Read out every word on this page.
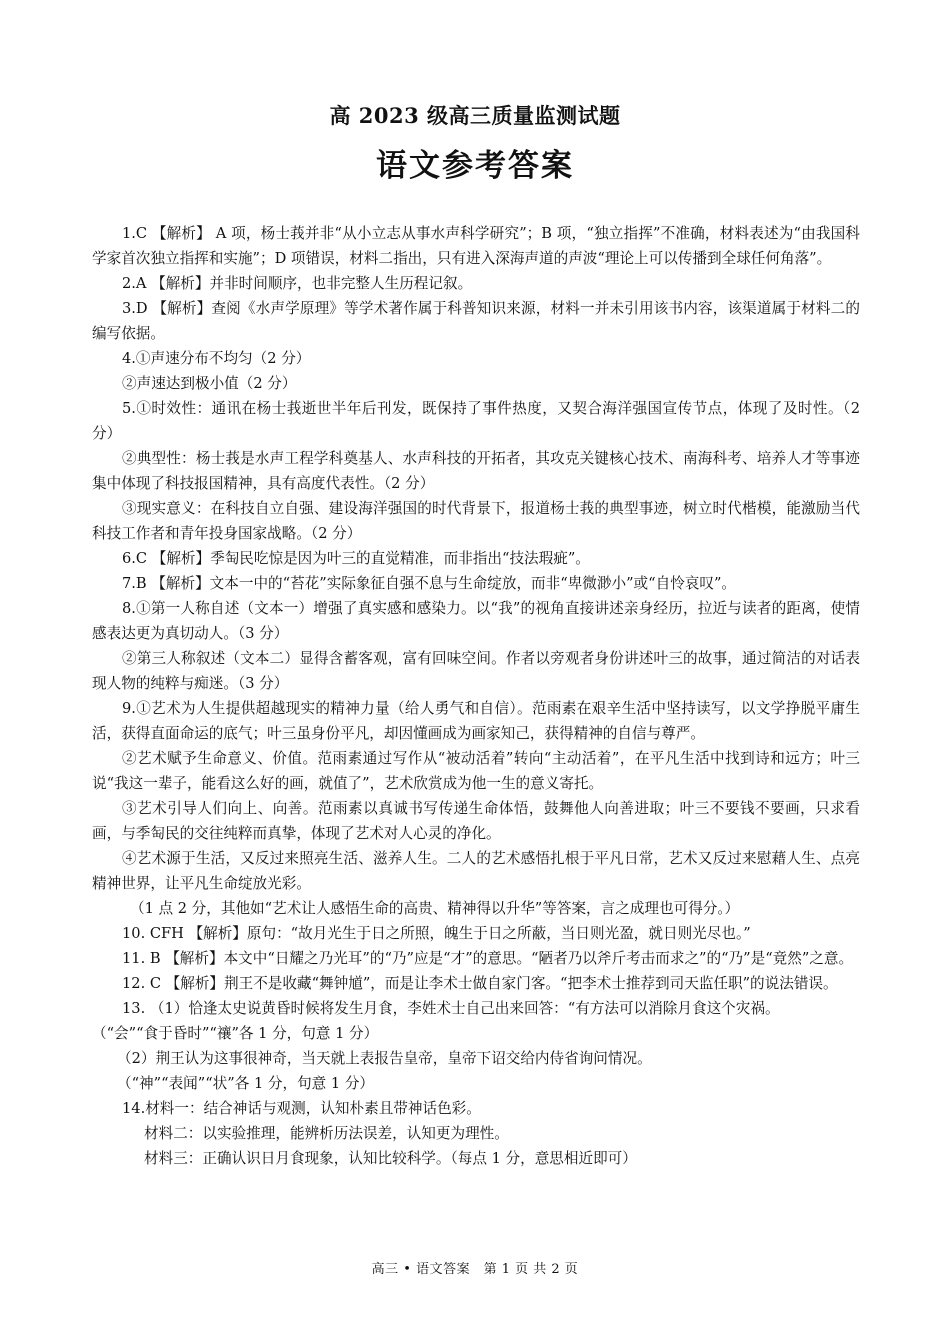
高 2023 级高三质量监测试题
语文参考答案

1.C 【解析】 A 项，杨士莪并非“从小立志从事水声科学研究”；B 项，“独立指挥”不准确，材料表述为“由我国科学家首次独立指挥和实施”；D 项错误，材料二指出，只有进入深海声道的声波“理论上可以传播到全球任何角落”。

2.A 【解析】并非时间顺序，也非完整人生历程记叙。

3.D 【解析】查阅《水声学原理》等学术著作属于科普知识来源，材料一并未引用该书内容，该渠道属于材料二的编写依据。

4.①声速分布不均匀（2 分）

②声速达到极小值（2 分）

5.①时效性：通讯在杨士莪逝世半年后刊发，既保持了事件热度，又契合海洋强国宣传节点，体现了及时性。（2 分）

②典型性：杨士莪是水声工程学科奠基人、水声科技的开拓者，其攻克关键核心技术、南海科考、培养人才等事迹集中体现了科技报国精神，具有高度代表性。（2 分）

③现实意义：在科技自立自强、建设海洋强国的时代背景下，报道杨士莪的典型事迹，树立时代楷模，能激励当代科技工作者和青年投身国家战略。（2 分）

6.C 【解析】季匋民吃惊是因为叶三的直觉精准，而非指出“技法瑕疵”。

7.B 【解析】文本一中的“苔花”实际象征自强不息与生命绽放，而非“卑微渺小”或“自怜哀叹”。

8.①第一人称自述（文本一）增强了真实感和感染力。以“我”的视角直接讲述亲身经历，拉近与读者的距离，使情感表达更为真切动人。（3 分）

②第三人称叙述（文本二）显得含蓄客观，富有回味空间。作者以旁观者身份讲述叶三的故事，通过简洁的对话表现人物的纯粹与痴迷。（3 分）

9.①艺术为人生提供超越现实的精神力量（给人勇气和自信）。范雨素在艰辛生活中坚持读写，以文学挣脱平庸生活，获得直面命运的底气；叶三虽身份平凡，却因懂画成为画家知己，获得精神的自信与尊严。

②艺术赋予生命意义、价值。范雨素通过写作从“被动活着”转向“主动活着”，在平凡生活中找到诗和远方；叶三说“我这一辈子，能看这么好的画，就值了”，艺术欣赏成为他一生的意义寄托。

③艺术引导人们向上、向善。范雨素以真诚书写传递生命体悟，鼓舞他人向善进取；叶三不要钱不要画，只求看画，与季匋民的交往纯粹而真挚，体现了艺术对人心灵的净化。

④艺术源于生活，又反过来照亮生活、滋养人生。二人的艺术感悟扎根于平凡日常，艺术又反过来慰藉人生、点亮精神世界，让平凡生命绽放光彩。

（1 点 2 分，其他如“艺术让人感悟生命的高贵、精神得以升华”等答案，言之成理也可得分。）

10. CFH 【解析】原句：“故月光生于日之所照，魄生于日之所蔽，当日则光盈，就日则光尽也。”

11. B 【解析】本文中“日耀之乃光耳”的“乃”应是“才”的意思。“陋者乃以斧斤考击而求之”的“乃”是“竟然”之意。

12. C 【解析】荆王不是收藏“舞钟馗”，而是让李术士做自家门客。“把李术士推荐到司天监任职”的说法错误。

13. （1）恰逢太史说黄昏时候将发生月食，李姓术士自己出来回答：“有方法可以消除月食这个灾祸。

（“会”“食于昏时”“禳”各 1 分，句意 1 分）

（2）荆王认为这事很神奇，当天就上表报告皇帝，皇帝下诏交给内侍省询问情况。

（“神”“表闻”“状”各 1 分，句意 1 分）

14.材料一：结合神话与观测，认知朴素且带神话色彩。

材料二：以实验推理，能辨析历法误差，认知更为理性。

材料三：正确认识日月食现象，认知比较科学。（每点 1 分，意思相近即可）

高三 • 语文答案　第 1 页 共 2 页
